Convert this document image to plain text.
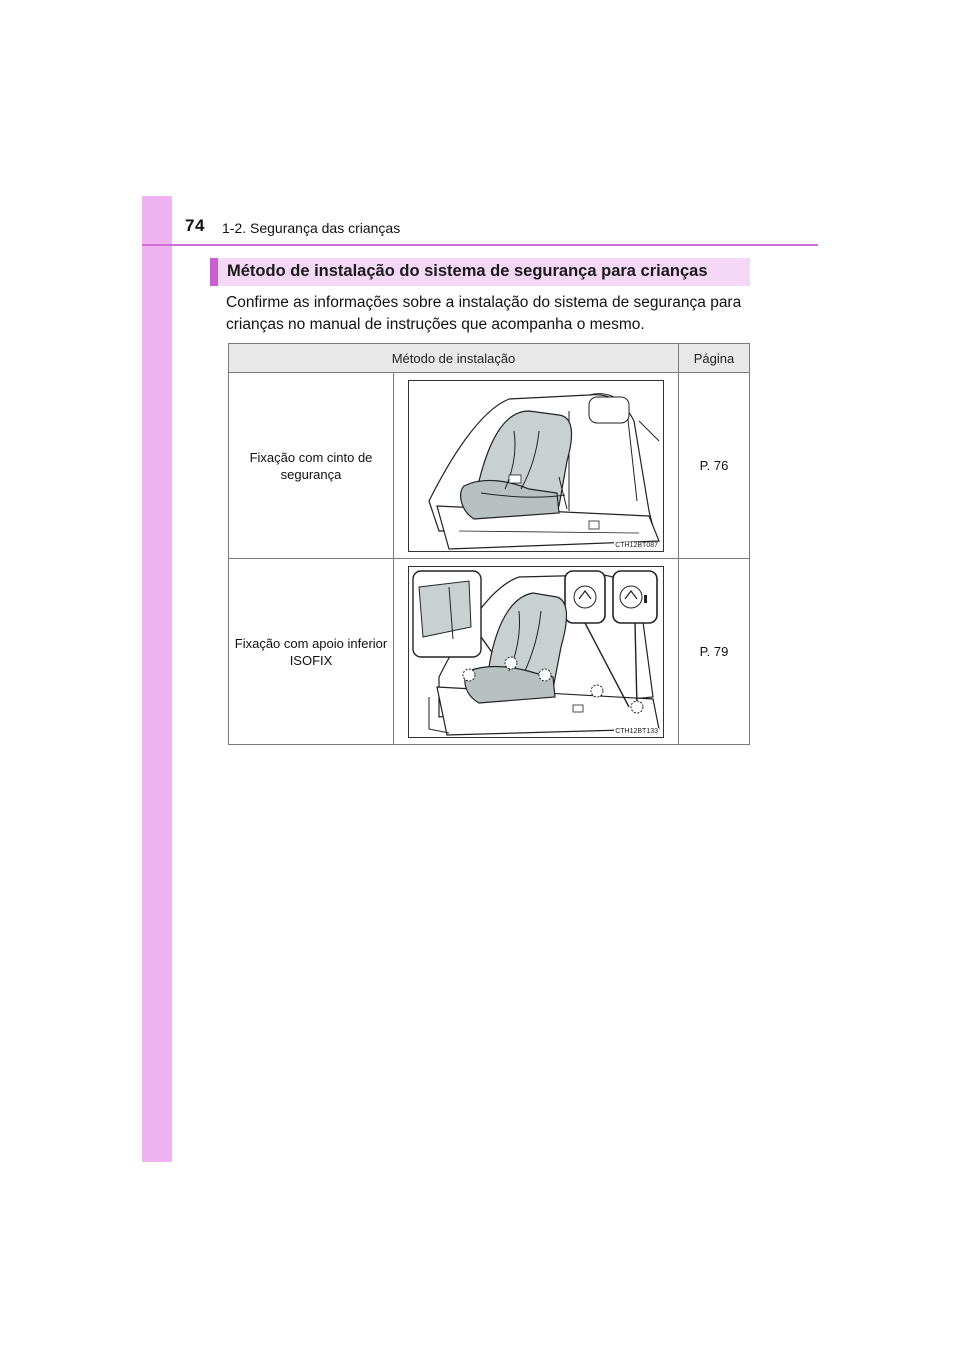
74 1-2. Segurança das crianças
Método de instalação do sistema de segurança para crianças

Confirme as informações sobre a instalação do sistema de segurança para crianças no manual de instruções que acompanha o mesmo.

Método de instalação		Página
Fixação com cinto de segurança	CTH12BT087	P. 76
Fixação com apoio inferior ISOFIX	CTH12BT133	P. 79
